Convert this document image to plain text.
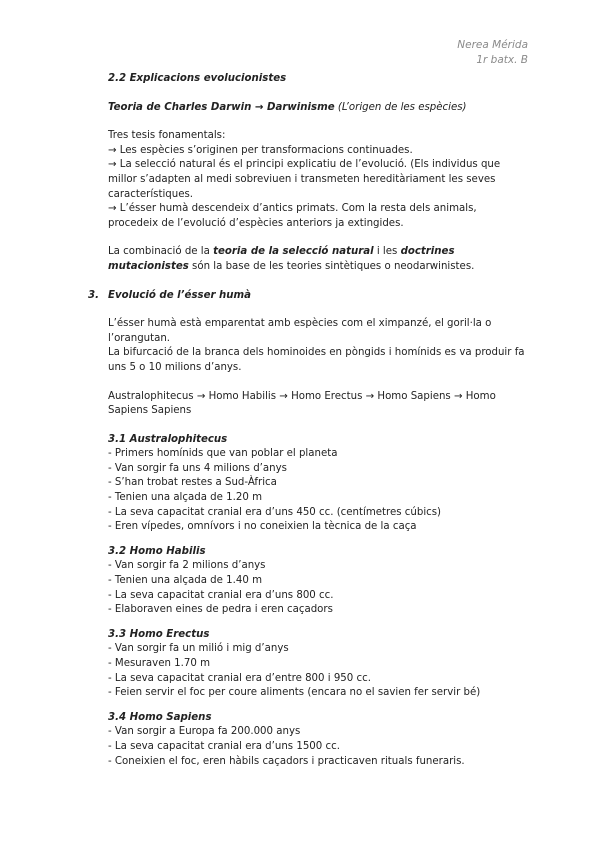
Nerea Mérida
1r batx. B

2.2 Explicacions evolucionistes

Teoria de Charles Darwin → Darwinisme (L’origen de les espècies)

Tres tesis fonamentals:

→ Les espècies s’originen per transformacions continuades.

→ La selecció natural és el principi explicatiu de l’evolució. (Els individus que millor s’adapten al medi sobreviuen i transmeten hereditàriament les seves característiques.

→ L’ésser humà descendeix d’antics primats. Com la resta dels animals, procedeix de l’evolució d’espècies anteriors ja extingides.

La combinació de la teoria de la selecció natural i les doctrines mutacionistes són la base de les teories sintètiques o neodarwinistes.

3. Evolució de l’ésser humà

L’ésser humà està emparentat amb espècies com el ximpanzé, el goril·la o l’orangutan.

La bifurcació de la branca dels hominoides en pòngids i homínids es va produir fa uns 5 o 10 milions d’anys.

Australophitecus → Homo Habilis → Homo Erectus → Homo Sapiens → Homo Sapiens Sapiens

3.1 Australophitecus

- Primers homínids que van poblar el planeta

- Van sorgir fa uns 4 milions d’anys

- S’han trobat restes a Sud-Àfrica

- Tenien una alçada de 1.20 m

- La seva capacitat cranial era d’uns 450 cc. (centímetres cúbics)

- Eren vípedes, omnívors i no coneixien la tècnica de la caça

3.2 Homo Habilis

- Van sorgir fa 2 milions d’anys

- Tenien una alçada de 1.40 m

- La seva capacitat cranial era d’uns 800 cc.

- Elaboraven eines de pedra i eren caçadors

3.3 Homo Erectus

- Van sorgir fa un milió i mig d’anys

- Mesuraven 1.70 m

- La seva capacitat cranial era d’entre 800 i 950 cc.

- Feien servir el foc per coure aliments (encara no el savien fer servir bé)

3.4 Homo Sapiens

- Van sorgir a Europa fa 200.000 anys

- La seva capacitat cranial era d’uns 1500 cc.

- Coneixien el foc, eren hàbils caçadors i practicaven rituals funeraris.
